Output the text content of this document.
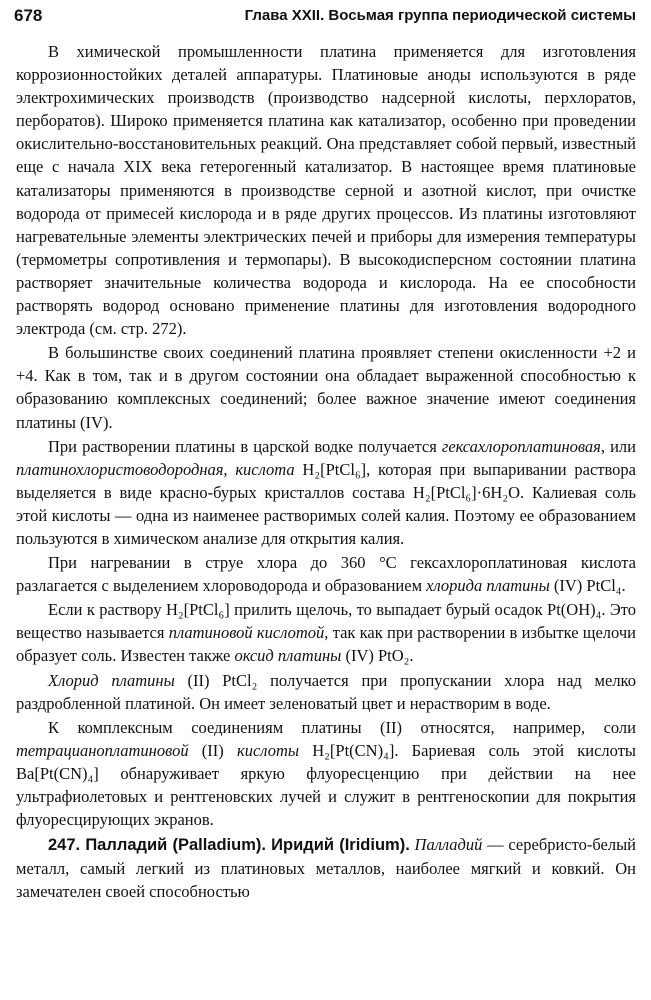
678	Глава XXII. Восьмая группа периодической системы

В химической промышленности платина применяется для изготовления коррозионностойких деталей аппаратуры. Платиновые аноды используются в ряде электрохимических производств (производство надсерной кислоты, перхлоратов, перборатов). Широко применяется платина как катализатор, особенно при проведении окислительно-восстановительных реакций. Она представляет собой первый, известный еще с начала XIX века гетерогенный катализатор. В настоящее время платиновые катализаторы применяются в производстве серной и азотной кислот, при очистке водорода от примесей кислорода и в ряде других процессов. Из платины изготовляют нагревательные элементы электрических печей и приборы для измерения температуры (термометры сопротивления и термопары). В высокодисперсном состоянии платина растворяет значительные количества водорода и кислорода. На ее способности растворять водород основано применение платины для изготовления водородного электрода (см. стр. 272).

В большинстве своих соединений платина проявляет степени окисленности +2 и +4. Как в том, так и в другом состоянии она обладает выраженной способностью к образованию комплексных соединений; более важное значение имеют соединения платины (IV).

При растворении платины в царской водке получается гексахлороплатиновая, или платинохлористоводородная, кислота H₂[PtCl₆], которая при выпаривании раствора выделяется в виде красно-бурых кристаллов состава H₂[PtCl₆]·6H₂O. Калиевая соль этой кислоты — одна из наименее растворимых солей калия. Поэтому ее образованием пользуются в химическом анализе для открытия калия.

При нагревании в струе хлора до 360 °C гексахлороплатиновая кислота разлагается с выделением хлороводорода и образованием хлорида платины (IV) PtCl₄.

Если к раствору H₂[PtCl₆] прилить щелочь, то выпадает бурый осадок Pt(OH)₄. Это вещество называется платиновой кислотой, так как при растворении в избытке щелочи образует соль. Известен также оксид платины (IV) PtO₂.

Хлорид платины (II) PtCl₂ получается при пропускании хлора над мелко раздробленной платиной. Он имеет зеленоватый цвет и нерастворим в воде.

К комплексным соединениям платины (II) относятся, например, соли тетрацианоплатиновой (II) кислоты H₂[Pt(CN)₄]. Бариевая соль этой кислоты Ba[Pt(CN)₄] обнаруживает яркую флуоресценцию при действии на нее ультрафиолетовых и рентгеновских лучей и служит в рентгеноскопии для покрытия флуоресцирующих экранов.

247. Палладий (Palladium). Иридий (Iridium). Палладий — серебристо-белый металл, самый легкий из платиновых металлов, наиболее мягкий и ковкий. Он замечателен своей способностью
